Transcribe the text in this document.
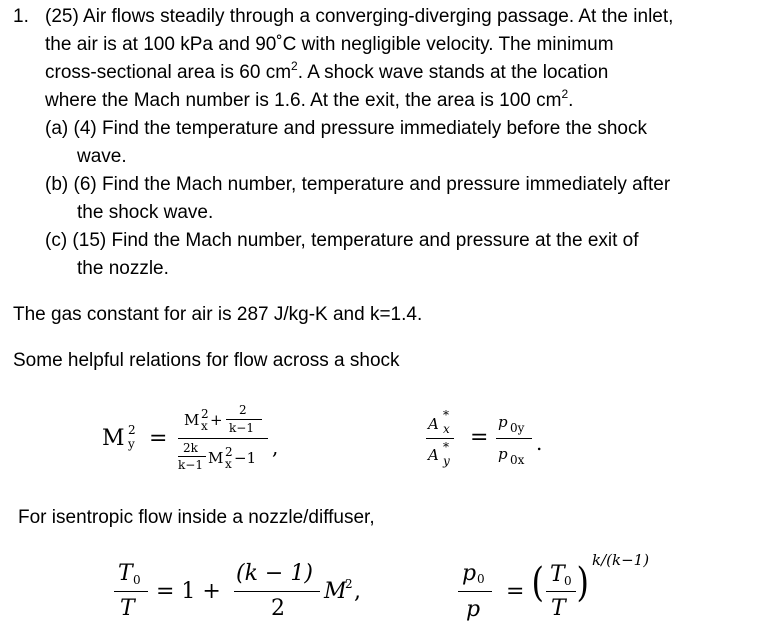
1. (25) Air flows steadily through a converging-diverging passage. At the inlet,
the air is at 100 kPa and 90˚C with negligible velocity. The minimum
cross-sectional area is 60 $cm^2$. A shock wave stands at the location
where the Mach number is 1.6. At the exit, the area is 100 $cm^2$.
(a) (4) Find the temperature and pressure immediately before the shock
wave.
(b) (6) Find the Mach number, temperature and pressure immediately after
the shock wave.
(c) (15) Find the Mach number, temperature and pressure at the exit of
the nozzle.
The gas constant for air is 287 J/kg-K and k=1.4.
Some helpful relations for flow across a shock
M 2
y =
M 2
x +
2
k−1
2k
k−1 M 2
x −1 ,
A *
x
A *
y
=
p 0y
p 0x
.
For isentropic flow inside a nozzle/diffuser,
T 0
T
= 1 +
(k − 1)
2
M
2 ,
p 0
p
= ( T 0
T
) k/(k−1)
